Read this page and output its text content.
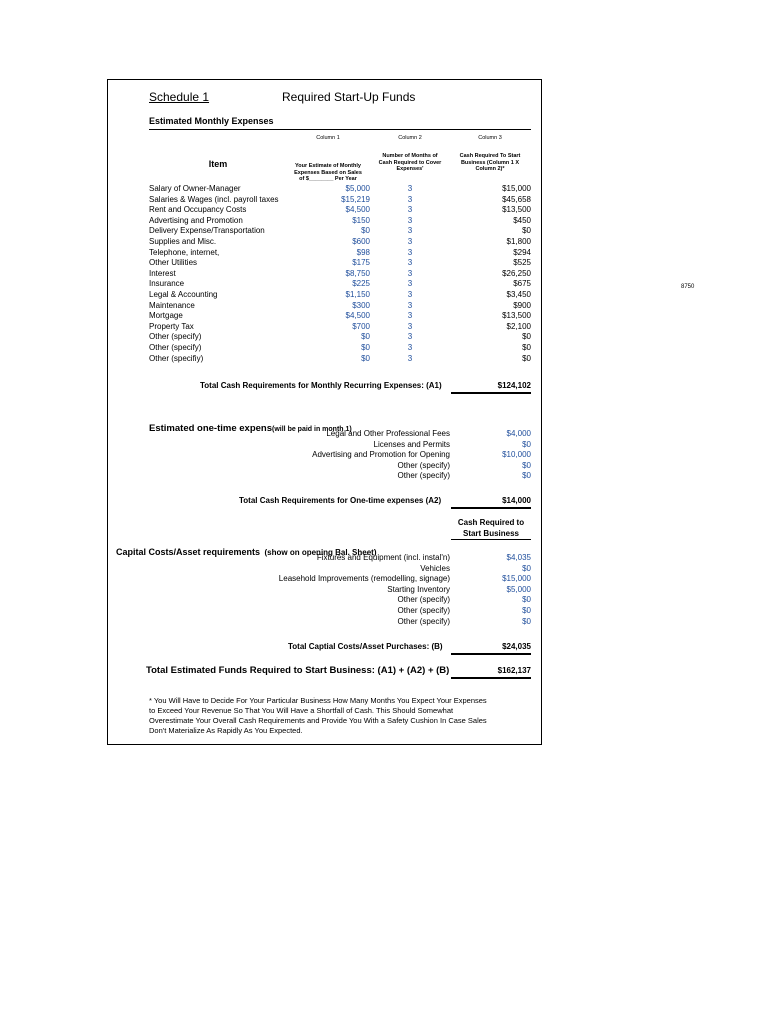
Schedule 1	Required Start-Up Funds
Estimated Monthly Expenses
Column 1	Column 2	Column 3
Item	Your Estimate of Monthly
Expenses Based on Sales
of $________ Per Year
Number of Months of
Cash Required to Cover
Expenses'
Cash Required To Start
Business (Column 1 X
Column 2)*
Salary of Owner-Manager	$5,000	3	$15,000
Salaries & Wages (incl. payroll taxes	$15,219	3	$45,658
Rent and Occupancy Costs	$4,500	3	$13,500
Advertising and Promotion	$150	3	$450
Delivery Expense/Transportation	$0	3	$0
Supplies and Misc.	$600	3	$1,800
Telephone, internet,	$98	3	$294
Other Utilities	$175	3	$525
Interest	$8,750	3	$26,250
Insurance	$225	3	$675
Legal & Accounting	$1,150	3	$3,450
Maintenance	$300	3	$900
Mortgage	$4,500	3	$13,500
Property Tax	$700	3	$2,100
Other (specify)	$0	3	$0
Other (specify)	$0	3	$0
Other (specifiy)	$0	3	$0
Total Cash Requirements for Monthly Recurring Expenses: (A1)	$124,102
Estimated one-time expens(will be paid in month 1)
Legal and Other Professional Fees	$4,000
Licenses and Permits	$0
Advertising and Promotion for Opening	$10,000
Other (specify)	$0
Other (specify)	$0
Total Cash Requirements for One-time expenses (A2)	$14,000
Cash Required to
Start Business
Capital Costs/Asset requirements (show on opening Bal. Sheet)
Fixtures and Equipment (incl. instal'n)	$4,035
Vehicles	$0
Leasehold Improvements (remodelling, signage)	$15,000
Starting Inventory	$5,000
Other (specify)	$0
Other (specify)	$0
Other (specify)	$0
Total Captial Costs/Asset Purchases: (B)	$24,035
Total Estimated Funds Required to Start Business: (A1) + (A2) + (B)	$162,137
* You Will Have to Decide For Your Particular Business How Many Months You Expect Your Expenses
to Exceed Your Revenue So That You Will Have a Shortfall of Cash. This Should Somewhat
Overestimate Your Overall Cash Requirements and Provide You With a Safety Cushion In Case Sales
Don't Materialize As Rapidly As You Expected.
8750
